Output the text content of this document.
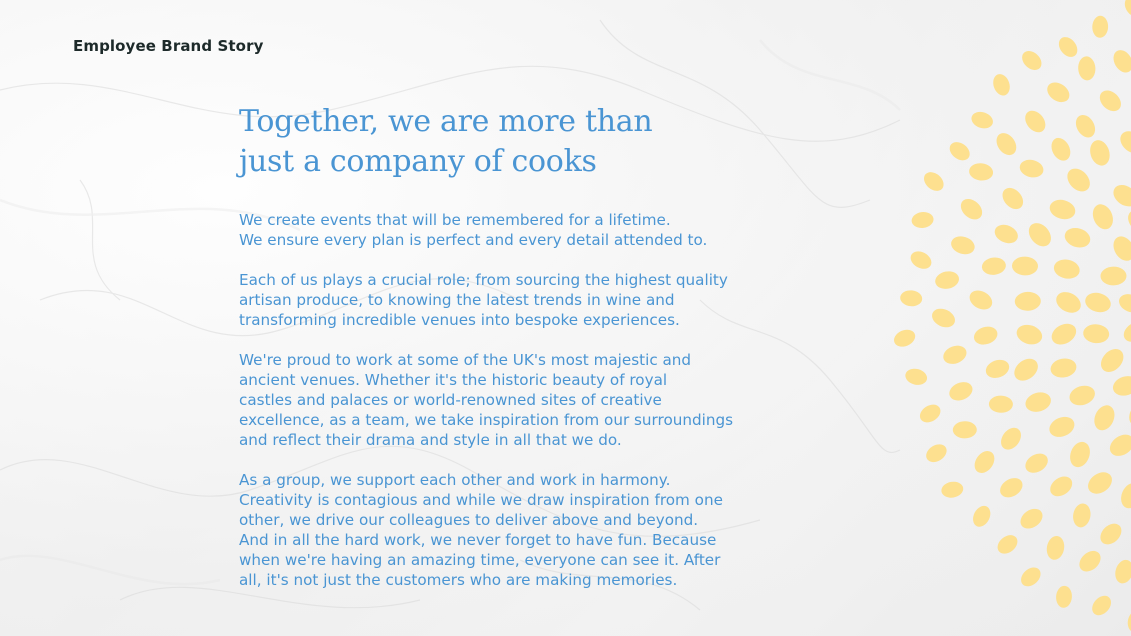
Employee Brand Story
Together, we are more than
just a company of cooks

We create events that will be remembered for a lifetime.
We ensure every plan is perfect and every detail attended to.

Each of us plays a crucial role; from sourcing the highest quality
artisan produce, to knowing the latest trends in wine and
transforming incredible venues into bespoke experiences.

We're proud to work at some of the UK's most majestic and
ancient venues. Whether it's the historic beauty of royal
castles and palaces or world-renowned sites of creative
excellence, as a team, we take inspiration from our surroundings
and reflect their drama and style in all that we do.

As a group, we support each other and work in harmony.
Creativity is contagious and while we draw inspiration from one
other, we drive our colleagues to deliver above and beyond.
And in all the hard work, we never forget to have fun. Because
when we're having an amazing time, everyone can see it. After
all, it's not just the customers who are making memories.
